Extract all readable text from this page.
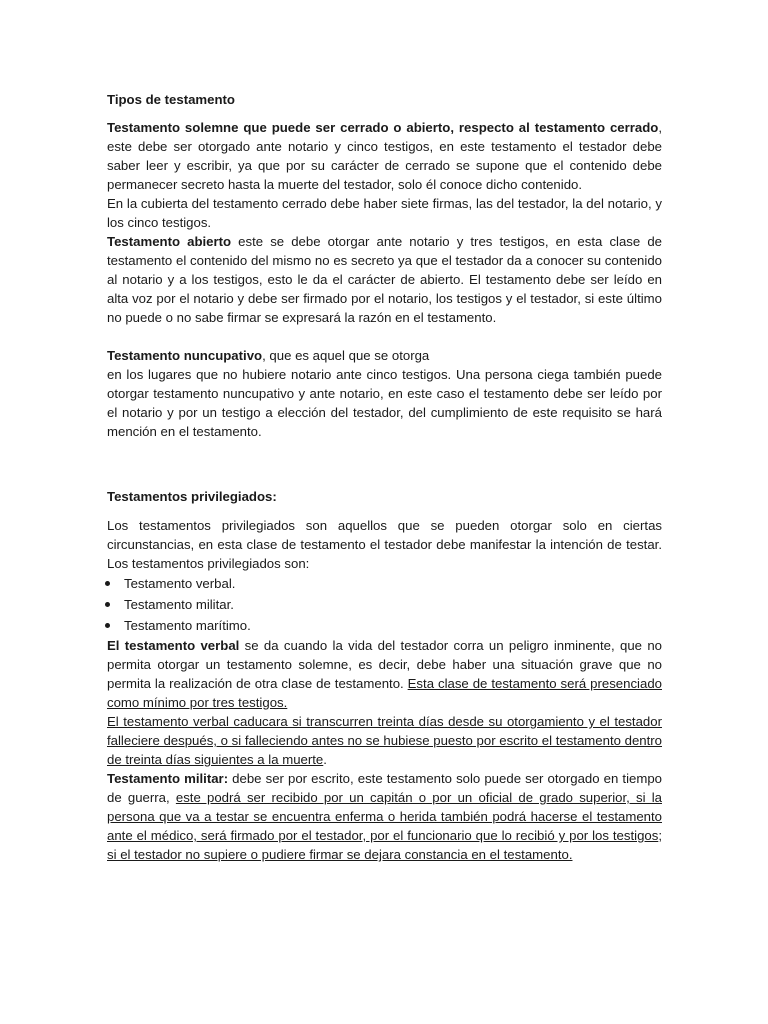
Tipos de testamento

Testamento solemne que puede ser cerrado o abierto, respecto al testamento cerrado, este debe ser otorgado ante notario y cinco testigos, en este testamento el testador debe saber leer y escribir, ya que por su carácter de cerrado se supone que el contenido debe permanecer secreto hasta la muerte del testador, solo él conoce dicho contenido.

En la cubierta del testamento cerrado debe haber siete firmas, las del testador, la del notario, y los cinco testigos.

Testamento abierto este se debe otorgar ante notario y tres testigos, en esta clase de testamento el contenido del mismo no es secreto ya que el testador da a conocer su contenido al notario y a los testigos, esto le da el carácter de abierto. El testamento debe ser leído en alta voz por el notario y debe ser firmado por el notario, los testigos y el testador, si este último no puede o no sabe firmar se expresará la razón en el testamento.

Testamento nuncupativo, que es aquel que se otorga

en los lugares que no hubiere notario ante cinco testigos. Una persona ciega también puede otorgar testamento nuncupativo y ante notario, en este caso el testamento debe ser leído por el notario y por un testigo a elección del testador, del cumplimiento de este requisito se hará mención en el testamento.

Testamentos privilegiados:

Los testamentos privilegiados son aquellos que se pueden otorgar solo en ciertas circunstancias, en esta clase de testamento el testador debe manifestar la intención de testar. Los testamentos privilegiados son:

Testamento verbal.
Testamento militar.
Testamento marítimo.

El testamento verbal se da cuando la vida del testador corra un peligro inminente, que no permita otorgar un testamento solemne, es decir, debe haber una situación grave que no permita la realización de otra clase de testamento. Esta clase de testamento será presenciado como mínimo por tres testigos.

El testamento verbal caducara si transcurren treinta días desde su otorgamiento y el testador falleciere después, o si falleciendo antes no se hubiese puesto por escrito el testamento dentro de treinta días siguientes a la muerte.

Testamento militar: debe ser por escrito, este testamento solo puede ser otorgado en tiempo de guerra, este podrá ser recibido por un capitán o por un oficial de grado superior, si la persona que va a testar se encuentra enferma o herida también podrá hacerse el testamento ante el médico, será firmado por el testador, por el funcionario que lo recibió y por los testigos; si el testador no supiere o pudiere firmar se dejara constancia en el testamento.
